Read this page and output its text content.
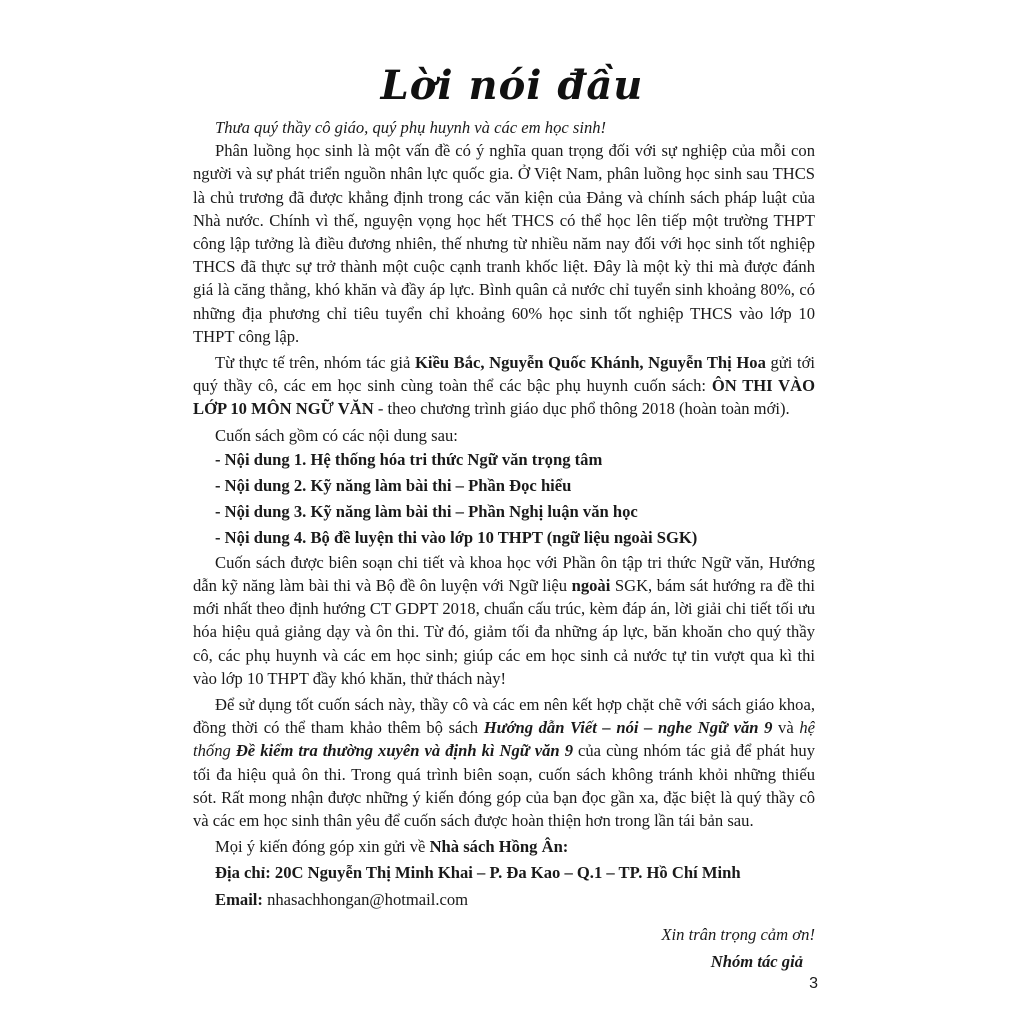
Lời nói đầu

Thưa quý thầy cô giáo, quý phụ huynh và các em học sinh!

Phân luồng học sinh là một vấn đề có ý nghĩa quan trọng đối với sự nghiệp của mỗi con người và sự phát triển nguồn nhân lực quốc gia. Ở Việt Nam, phân luồng học sinh sau THCS là chủ trương đã được khẳng định trong các văn kiện của Đảng và chính sách pháp luật của Nhà nước. Chính vì thế, nguyện vọng học hết THCS có thể học lên tiếp một trường THPT công lập tưởng là điều đương nhiên, thế nhưng từ nhiều năm nay đối với học sinh tốt nghiệp THCS đã thực sự trở thành một cuộc cạnh tranh khốc liệt. Đây là một kỳ thi mà được đánh giá là căng thẳng, khó khăn và đầy áp lực. Bình quân cả nước chỉ tuyển sinh khoảng 80%, có những địa phương chỉ tiêu tuyển chỉ khoảng 60% học sinh tốt nghiệp THCS vào lớp 10 THPT công lập.

Từ thực tế trên, nhóm tác giả Kiều Bắc, Nguyễn Quốc Khánh, Nguyễn Thị Hoa gửi tới quý thầy cô, các em học sinh cùng toàn thể các bậc phụ huynh cuốn sách: ÔN THI VÀO LỚP 10 MÔN NGỮ VĂN - theo chương trình giáo dục phổ thông 2018 (hoàn toàn mới).

Cuốn sách gồm có các nội dung sau:

- Nội dung 1. Hệ thống hóa tri thức Ngữ văn trọng tâm

- Nội dung 2. Kỹ năng làm bài thi – Phần Đọc hiểu

- Nội dung 3. Kỹ năng làm bài thi – Phần Nghị luận văn học

- Nội dung 4. Bộ đề luyện thi vào lớp 10 THPT (ngữ liệu ngoài SGK)

Cuốn sách được biên soạn chi tiết và khoa học với Phần ôn tập tri thức Ngữ văn, Hướng dẫn kỹ năng làm bài thi và Bộ đề ôn luyện với Ngữ liệu ngoài SGK, bám sát hướng ra đề thi mới nhất theo định hướng CT GDPT 2018, chuẩn cấu trúc, kèm đáp án, lời giải chi tiết tối ưu hóa hiệu quả giảng dạy và ôn thi. Từ đó, giảm tối đa những áp lực, băn khoăn cho quý thầy cô, các phụ huynh và các em học sinh; giúp các em học sinh cả nước tự tin vượt qua kì thi vào lớp 10 THPT đầy khó khăn, thử thách này!

Để sử dụng tốt cuốn sách này, thầy cô và các em nên kết hợp chặt chẽ với sách giáo khoa, đồng thời có thể tham khảo thêm bộ sách Hướng dẫn Viết – nói – nghe Ngữ văn 9 và hệ thống Đề kiểm tra thường xuyên và định kì Ngữ văn 9 của cùng nhóm tác giả để phát huy tối đa hiệu quả ôn thi. Trong quá trình biên soạn, cuốn sách không tránh khỏi những thiếu sót. Rất mong nhận được những ý kiến đóng góp của bạn đọc gần xa, đặc biệt là quý thầy cô và các em học sinh thân yêu để cuốn sách được hoàn thiện hơn trong lần tái bản sau.

Mọi ý kiến đóng góp xin gửi về Nhà sách Hồng Ân:

Địa chỉ: 20C Nguyễn Thị Minh Khai – P. Đa Kao – Q.1 – TP. Hồ Chí Minh

Email: nhasachhongan@hotmail.com

Xin trân trọng cảm ơn!

Nhóm tác giả

3
